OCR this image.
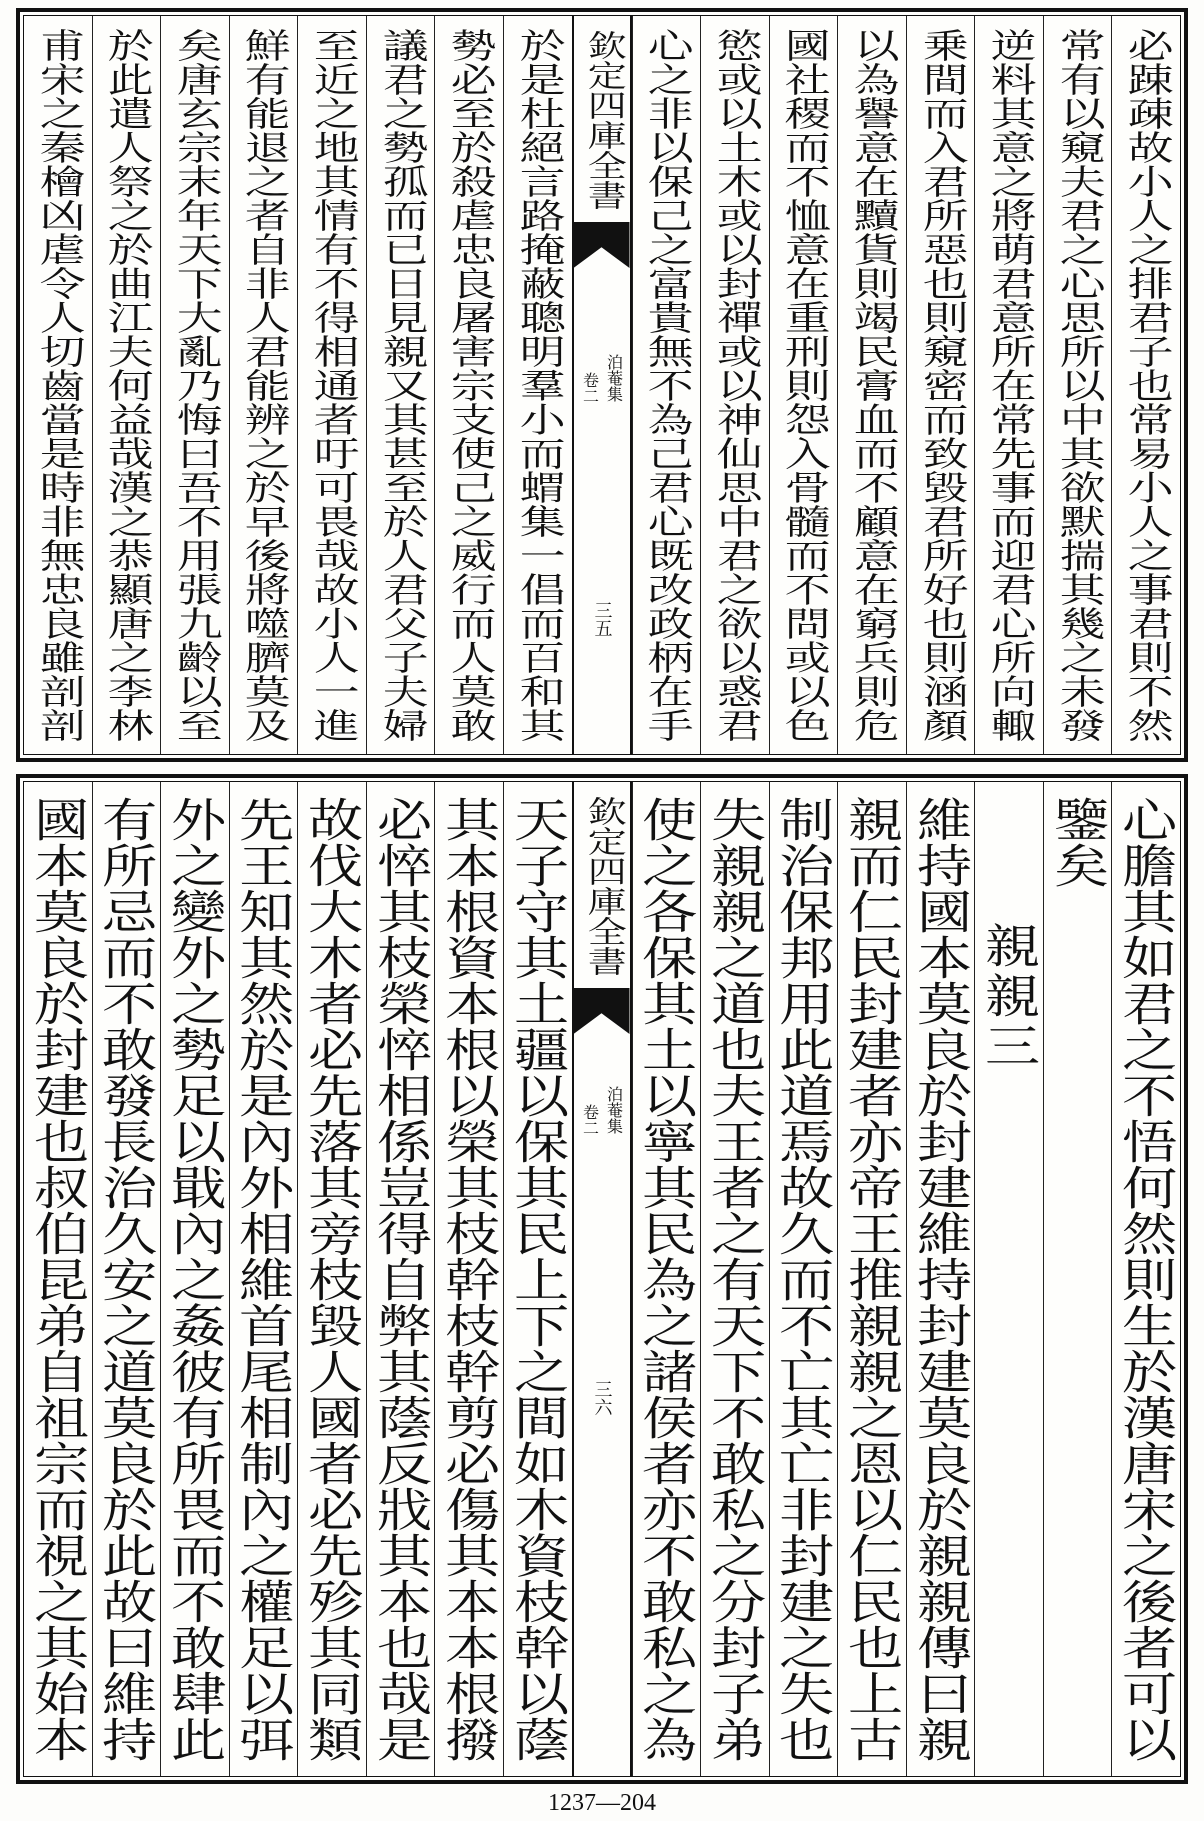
必踈疎故小人之排君子也常易小人之事君則不然
常有以窺夫君之心思所以中其欲默揣其幾之未發
逆料其意之將萌君意所在常先事而迎君心所向輙
乗間而入君所惡也則窺密而致毀君所好也則涵顏
以為譽意在黷貨則竭民膏血而不顧意在窮兵則危
國社稷而不恤意在重刑則怨入骨髓而不問或以色
慾或以土木或以封禪或以神仙思中君之欲以惑君
心之非以保己之富貴無不為己君心既改政柄在手
欽定四庫全書
泊菴集
卷二
三五
於是杜絕言路掩蔽聰明羣小而蝟集一倡而百和其
勢必至於殺虐忠良屠害宗支使己之威行而人莫敢
議君之勢孤而已日見親又其甚至於人君父子夫婦
至近之地其情有不得相通者吁可畏哉故小人一進
鮮有能退之者自非人君能辨之於早後將噬臍莫及
矣唐玄宗末年天下大亂乃悔曰吾不用張九齡以至
於此遣人祭之於曲江夫何益哉漢之恭顯唐之李林
甫宋之秦檜凶虐令人切齒當是時非無忠良雖剖剖
心膽其如君之不悟何然則生於漢唐宋之後者可以
鑒矣
親親三
維持國本莫良於封建維持封建莫良於親親傳曰親
親而仁民封建者亦帝王推親親之恩以仁民也上古
制治保邦用此道焉故久而不亡其亡非封建之失也
失親親之道也夫王者之有天下不敢私之分封子弟
使之各保其土以寧其民為之諸侯者亦不敢私之為
欽定四庫全書
泊菴集
卷二
三六
天子守其土疆以保其民上下之間如木資枝幹以蔭
其本根資本根以榮其枝幹枝幹剪必傷其本本根撥
必悴其枝榮悴相係豈得自弊其蔭反戕其本也哉是
故伐大木者必先落其旁枝毀人國者必先殄其同類
先王知其然於是內外相維首尾相制內之權足以弭
外之變外之勢足以戢內之姦彼有所畏而不敢肆此
有所忌而不敢發長治久安之道莫良於此故曰維持
國本莫良於封建也叔伯昆弟自祖宗而視之其始本
1237—204
